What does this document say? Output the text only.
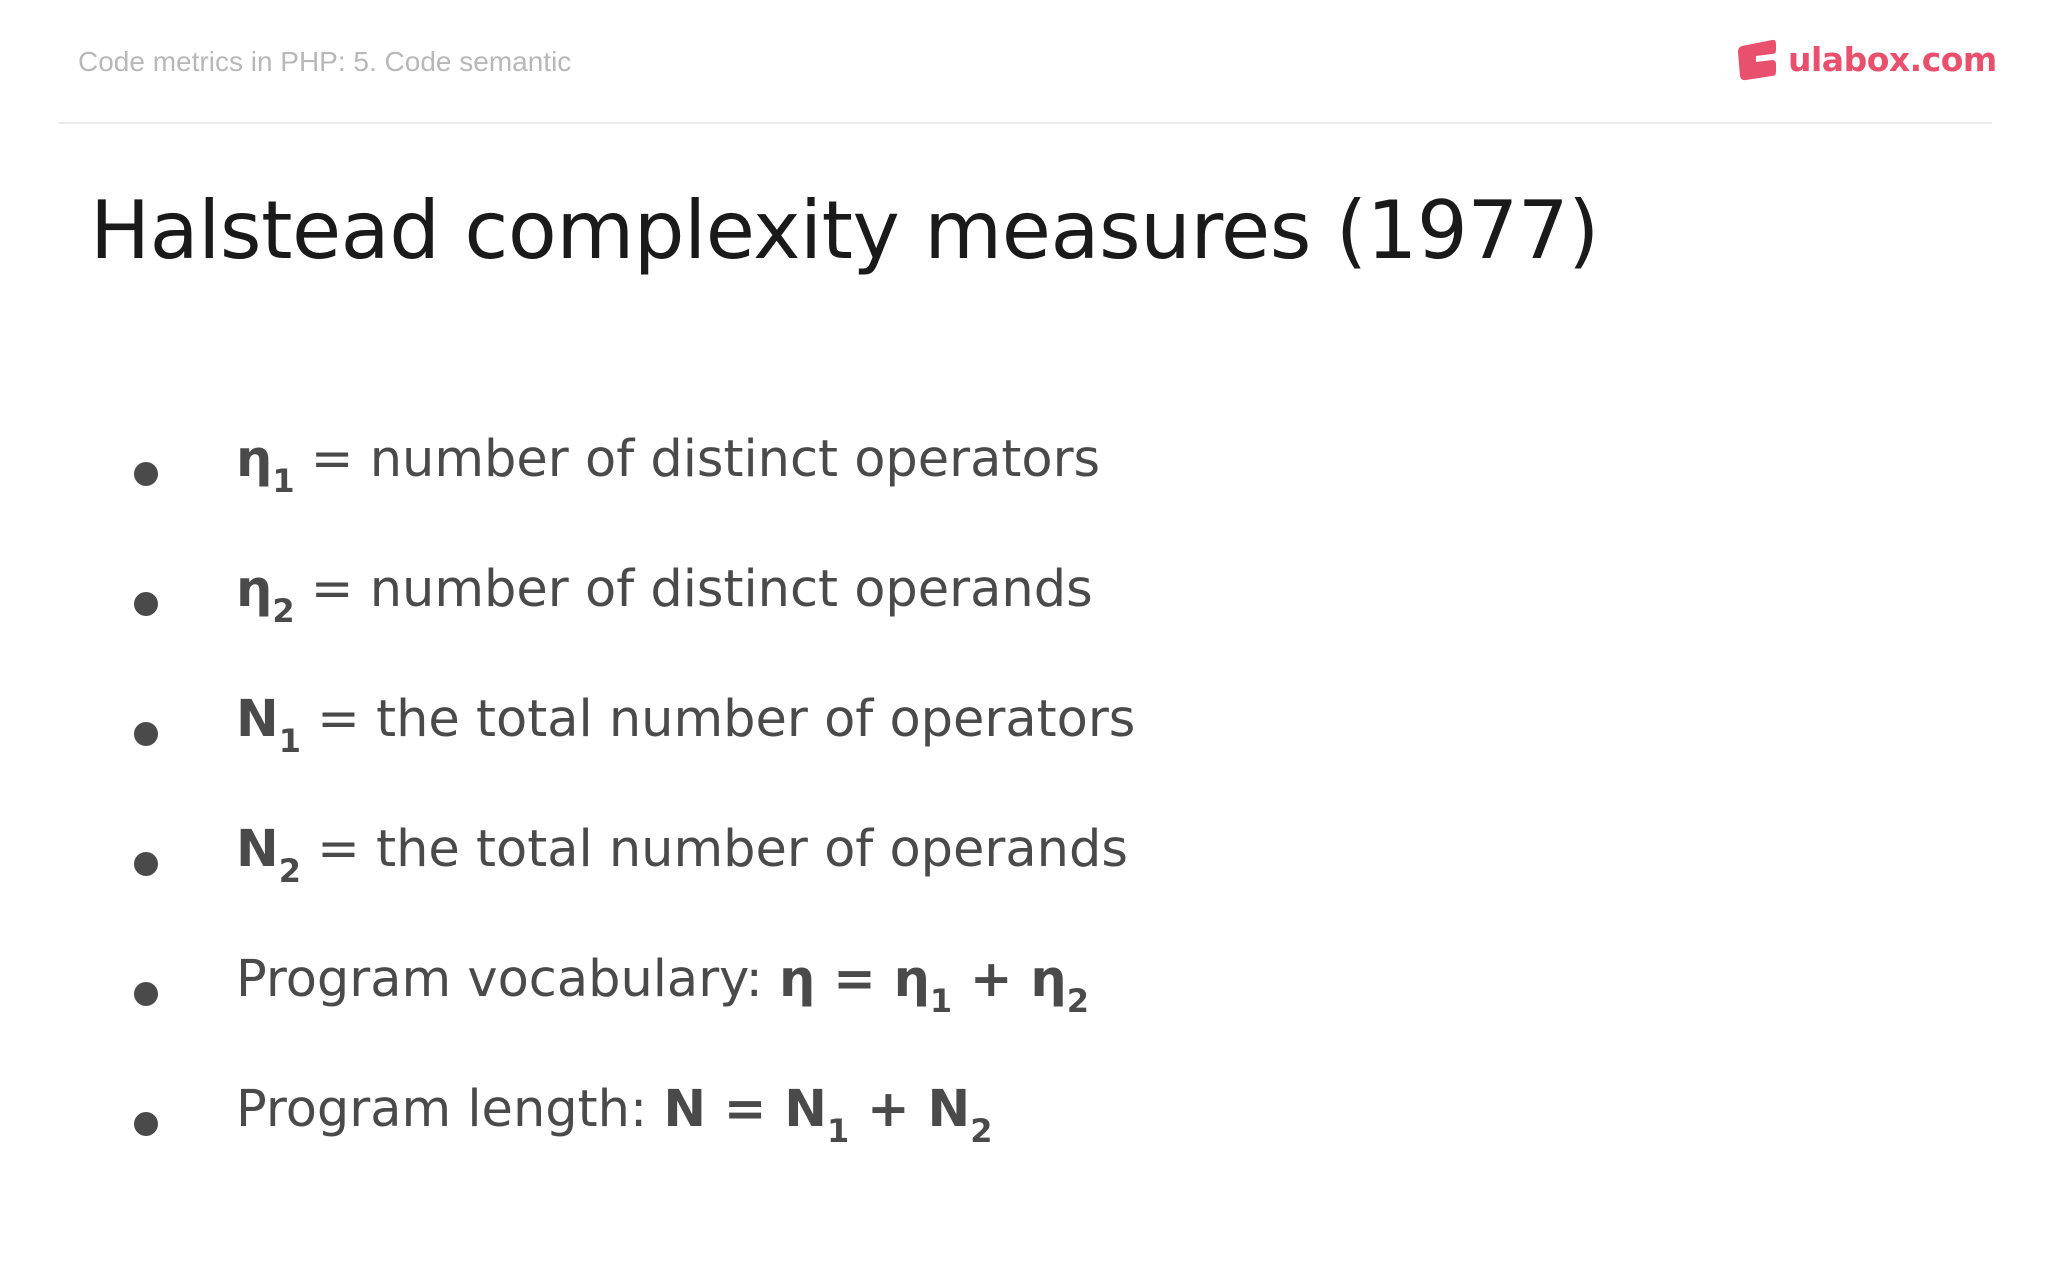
Code metrics in PHP: 5. Code semantic	ulabox.com
Halstead complexity measures (1977)
$\eta_1$ = number of distinct operators
$\eta_2$ = number of distinct operands
$N_1$ = the total number of operators
$N_2$ = the total number of operands
Program vocabulary: $\eta = \eta_1 + \eta_2$
Program length: $N = N_1 + N_2$
